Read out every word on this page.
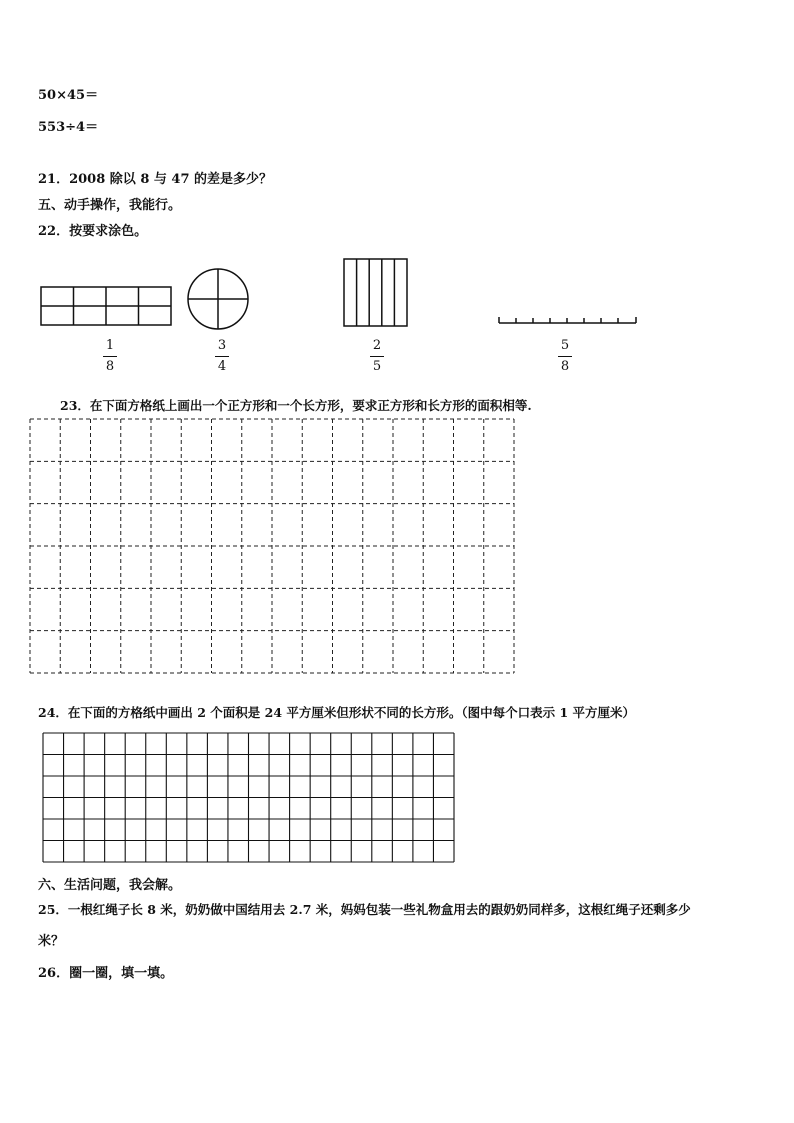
50×45＝
553÷4＝
21．2008 除以 8 与 47 的差是多少？
五、动手操作，我能行。
22．按要求涂色。
1
8
3
4
2
5
5
8
23．在下面方格纸上画出一个正方形和一个长方形，要求正方形和长方形的面积相等.
24．在下面的方格纸中画出 2 个面积是 24 平方厘米但形状不同的长方形。（图中每个口表示 1 平方厘米）
六、生活问题，我会解。
25．一根红绳子长 8 米，奶奶做中国结用去 2.7 米，妈妈包装一些礼物盒用去的跟奶奶同样多，这根红绳子还剩多少
米？
26．圈一圈，填一填。
